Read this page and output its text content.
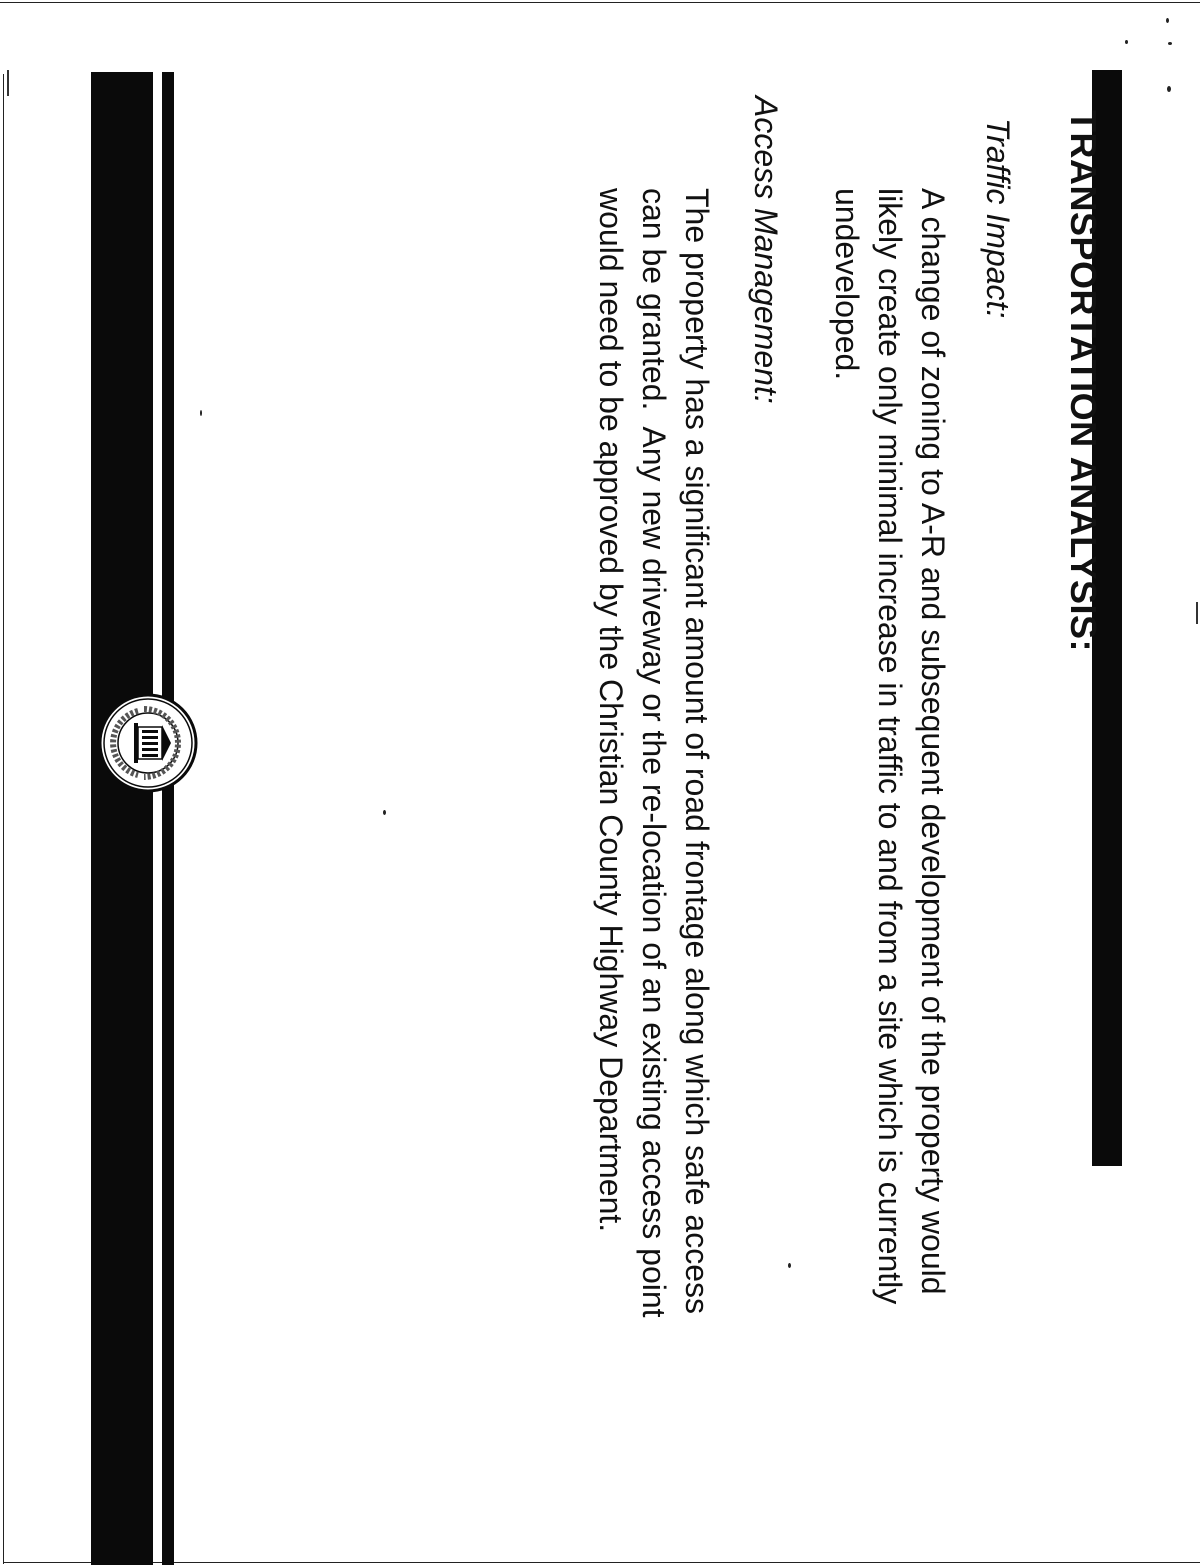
TRANSPORTATION ANALYSIS:
Traffic Impact:

A change of zoning to A-R and subsequent development of the property would
likely create only minimal increase in traffic to and from a site which is currently
undeveloped.

Access Management:

The property has a significant amount of road frontage along which safe access
can be granted.  Any new driveway or the re-location of an existing access point
would need to be approved by the Christian County Highway Department.
